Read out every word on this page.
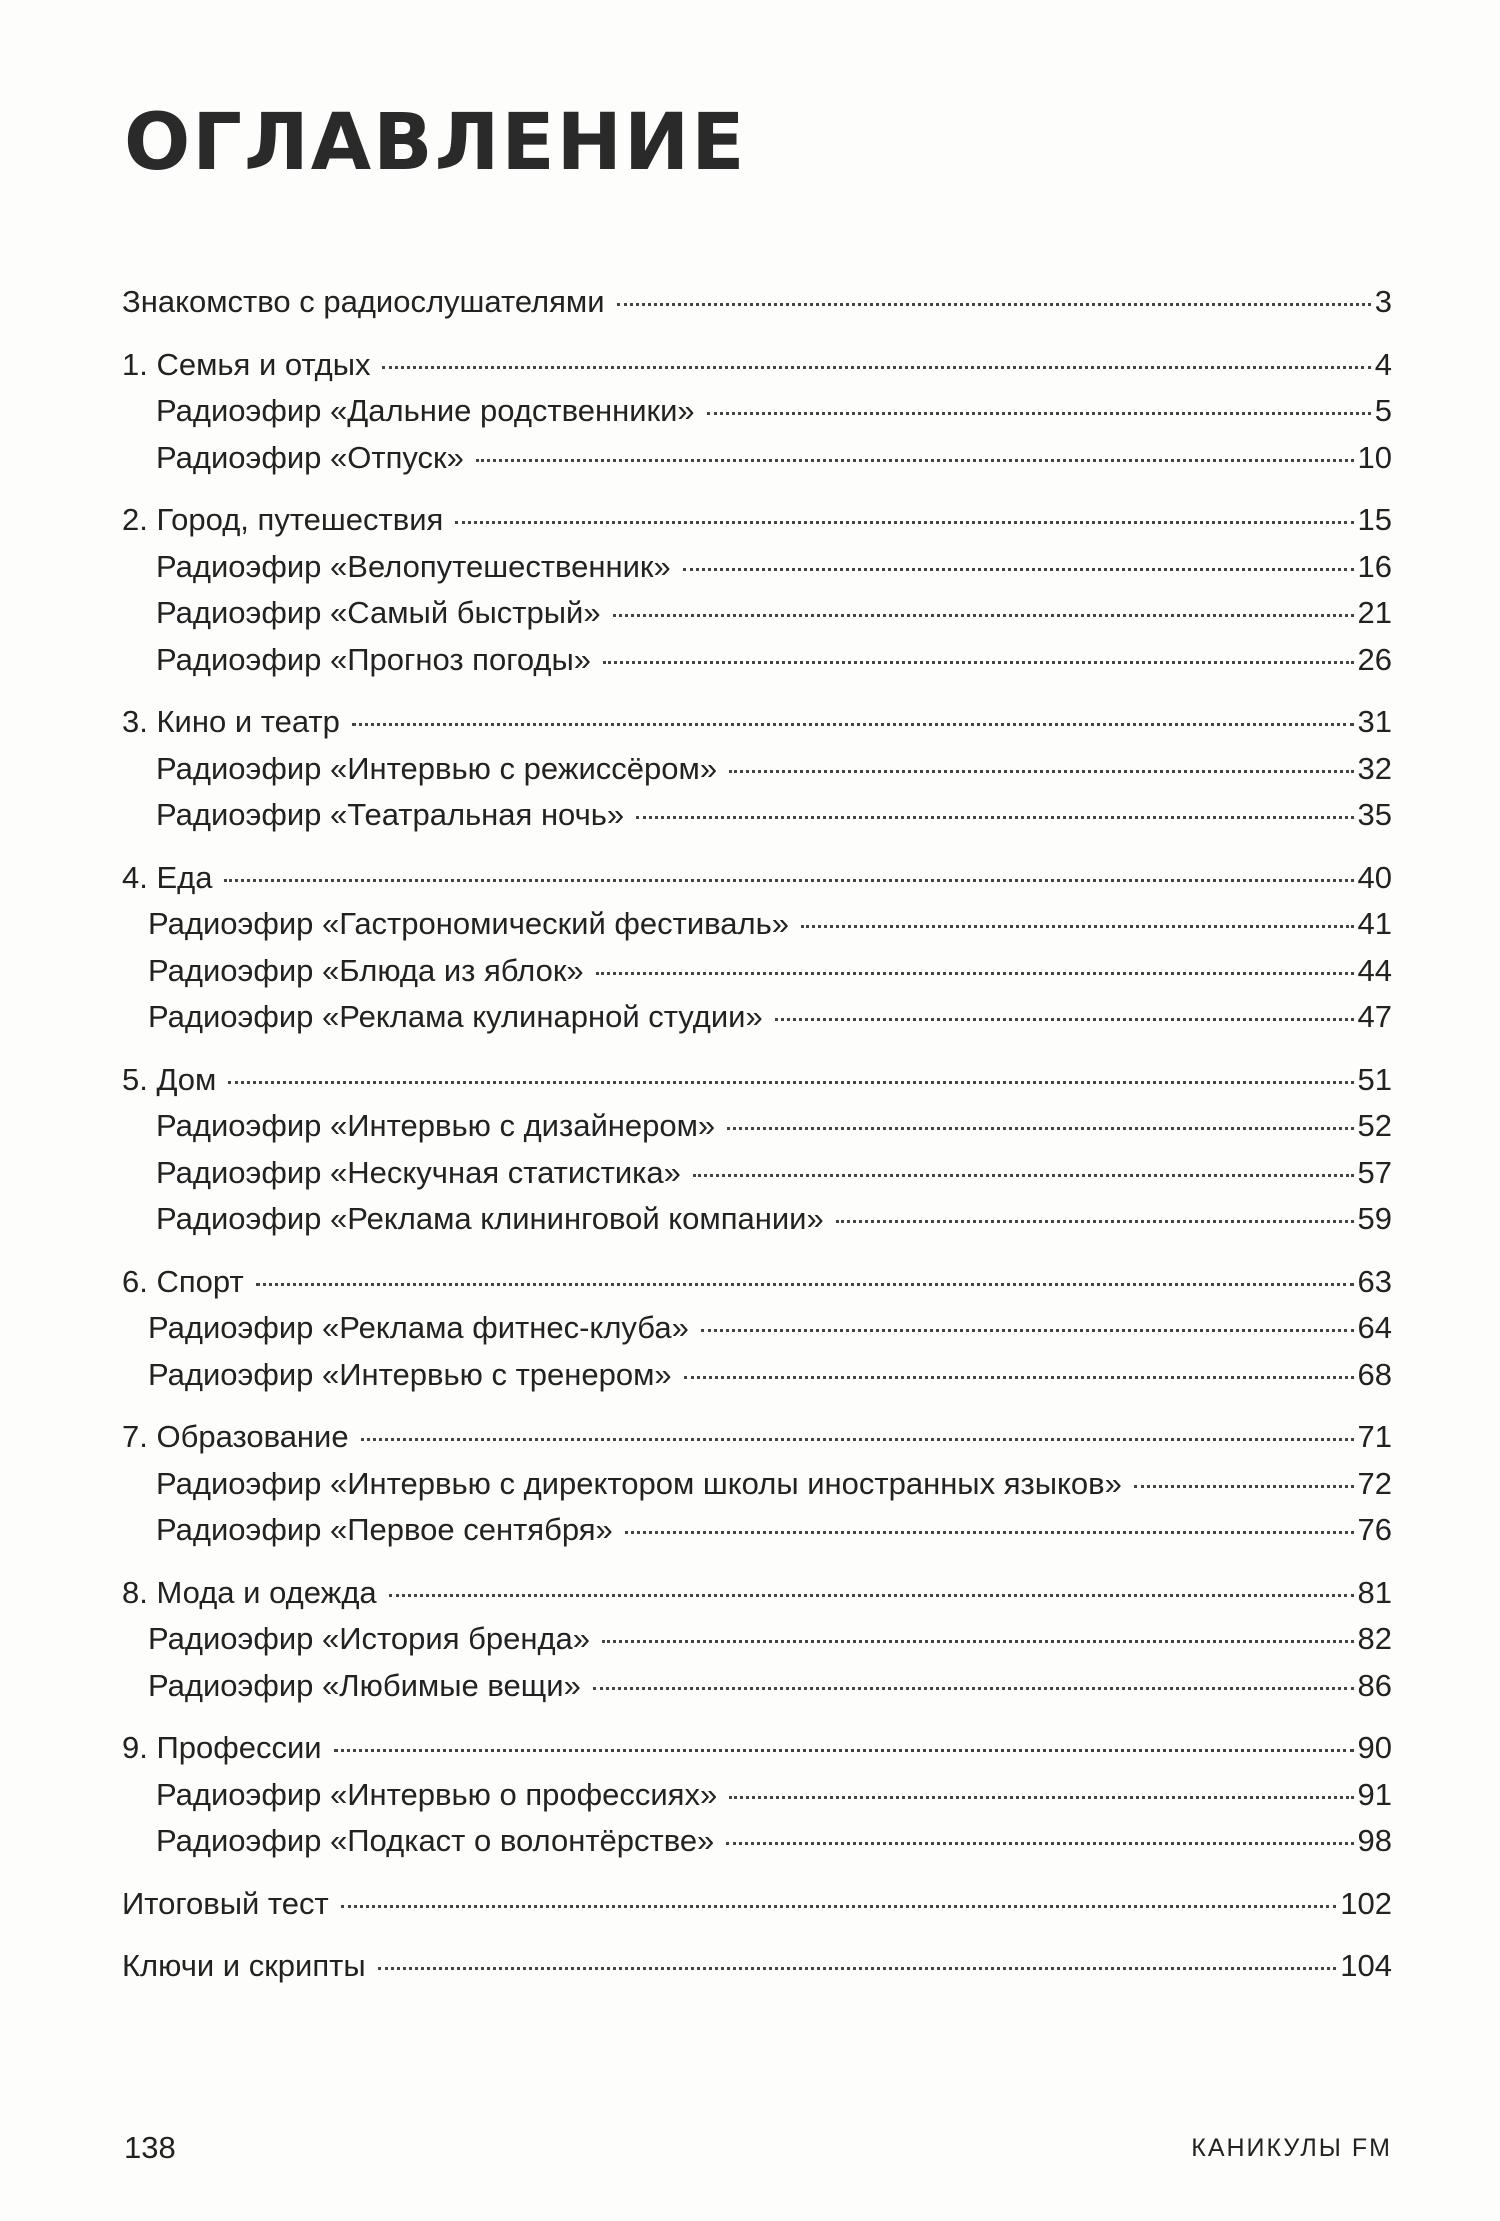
ОГЛАВЛЕНИЕ
Знакомство с радиослушателями	3
1. Семья и отдых	4
Радиоэфир «Дальние родственники»	5
Радиоэфир «Отпуск»	10
2. Город, путешествия	15
Радиоэфир «Велопутешественник»	16
Радиоэфир «Самый быстрый»	21
Радиоэфир «Прогноз погоды»	26
3. Кино и театр	31
Радиоэфир «Интервью с режиссёром»	32
Радиоэфир «Театральная ночь»	35
4. Еда	40
Радиоэфир «Гастрономический фестиваль»	41
Радиоэфир «Блюда из яблок»	44
Радиоэфир «Реклама кулинарной студии»	47
5. Дом	51
Радиоэфир «Интервью с дизайнером»	52
Радиоэфир «Нескучная статистика»	57
Радиоэфир «Реклама клининговой компании»	59
6. Спорт	63
Радиоэфир «Реклама фитнес-клуба»	64
Радиоэфир «Интервью с тренером»	68
7. Образование	71
Радиоэфир «Интервью с директором школы иностранных языков»	72
Радиоэфир «Первое сентября»	76
8. Мода и одежда	81
Радиоэфир «История бренда»	82
Радиоэфир «Любимые вещи»	86
9. Профессии	90
Радиоэфир «Интервью о профессиях»	91
Радиоэфир «Подкаст о волонтёрстве»	98
Итоговый тест	102
Ключи и скрипты	104
138	КАНИКУЛЫ FM
